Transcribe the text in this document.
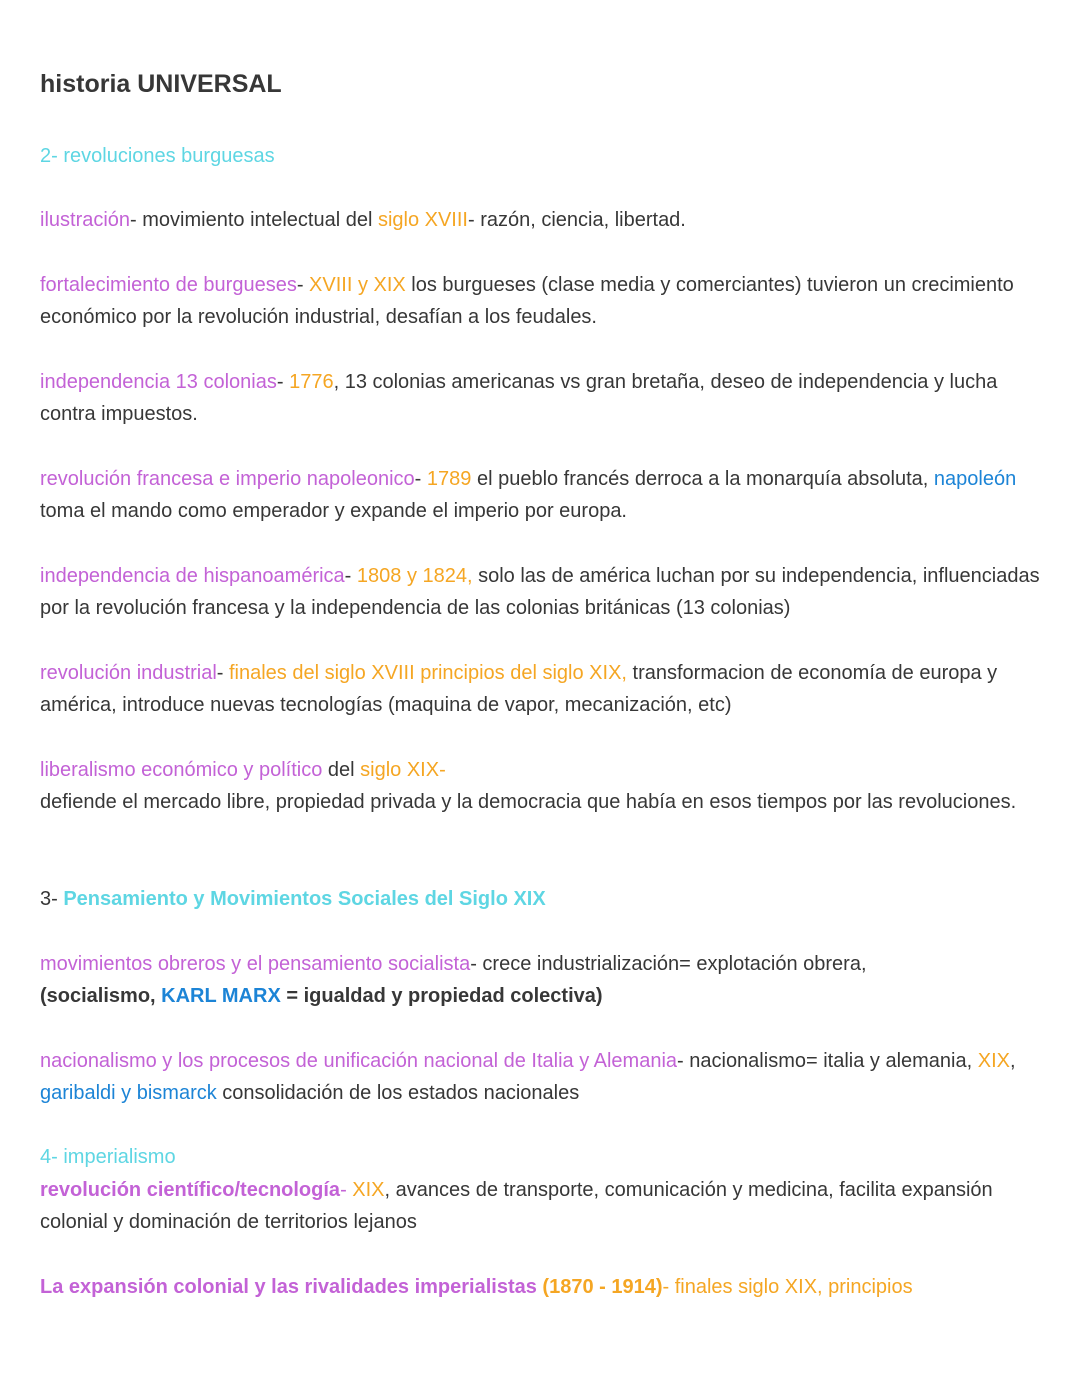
historia UNIVERSAL
2- revoluciones burguesas
ilustración- movimiento intelectual del siglo XVIII- razón, ciencia, libertad.
fortalecimiento de burgueses- XVIII y XIX los burgueses (clase media y comerciantes) tuvieron un crecimiento económico por la revolución industrial, desafían a los feudales.
independencia 13 colonias- 1776, 13 colonias americanas vs gran bretaña, deseo de independencia y lucha contra impuestos.
revolución francesa e imperio napoleonico- 1789 el pueblo francés derroca a la monarquía absoluta, napoleón toma el mando como emperador y expande el imperio por europa.
independencia de hispanoamérica- 1808 y 1824, solo las de américa luchan por su independencia, influenciadas por la revolución francesa y la independencia de las colonias británicas (13 colonias)
revolución industrial- finales del siglo XVIII principios del siglo XIX, transformacion de economía de europa y américa, introduce nuevas tecnologías (maquina de vapor, mecanización, etc)
liberalismo económico y político del siglo XIX-
defiende el mercado libre, propiedad privada y la democracia que había en esos tiempos por las revoluciones.
3- Pensamiento y Movimientos Sociales del Siglo XIX
movimientos obreros y el pensamiento socialista- crece industrialización= explotación obrera,
(socialismo, KARL MARX = igualdad y propiedad colectiva)
nacionalismo y los procesos de unificación nacional de Italia y Alemania- nacionalismo= italia y alemania, XIX, garibaldi y bismarck consolidación de los estados nacionales
4- imperialismo
revolución científico/tecnología- XIX, avances de transporte, comunicación y medicina, facilita expansión colonial y dominación de territorios lejanos
La expansión colonial y las rivalidades imperialistas (1870 - 1914)- finales siglo XIX, principios
